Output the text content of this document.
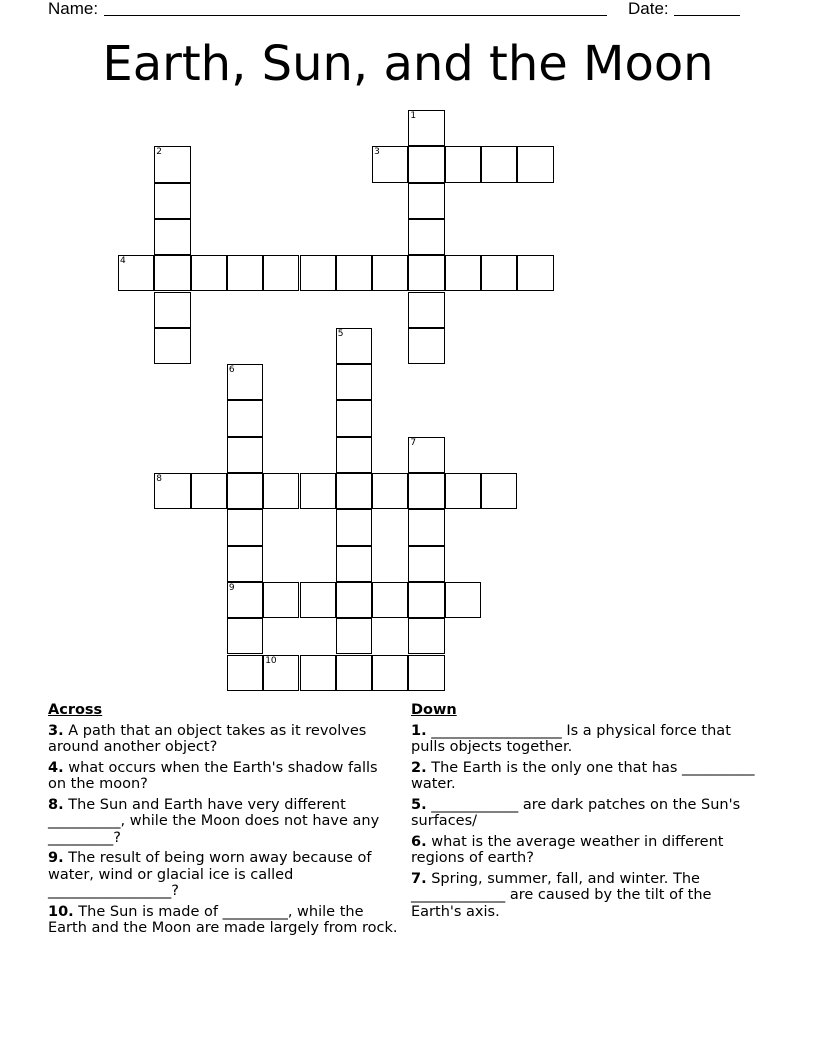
Name:	Date:
Earth, Sun, and the Moon
1
2	3
4
5
6
9
7
8
10
Across
3. A path that an object takes as it revolves around another object?
4. what occurs when the Earth's shadow falls on the moon?
8. The Sun and Earth have very different __________, while the Moon does not have any _________?
9. The result of being worn away because of water, wind or glacial ice is called _________________?
10. The Sun is made of _________, while the Earth and the Moon are made largely from rock.
Down
1. __________________ Is a physical force that pulls objects together.
2. The Earth is the only one that has __________ water.
5. ____________ are dark patches on the Sun's surfaces/
6. what is the average weather in different regions of earth?
7. Spring, summer, fall, and winter. The _____________ are caused by the tilt of the Earth's axis.
